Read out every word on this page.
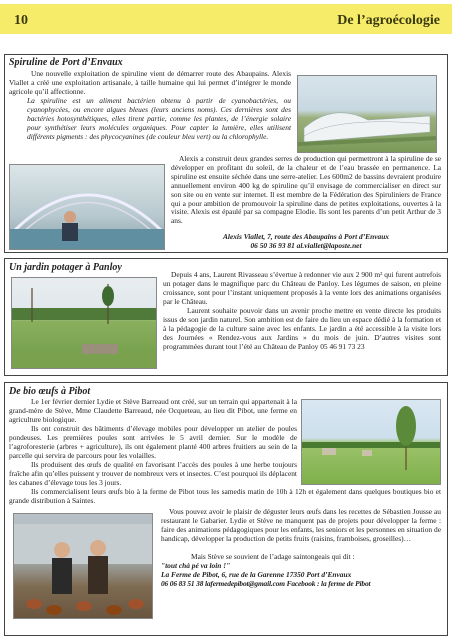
10	De l’agroécologie
Spiruline de Port d’Envaux
Une nouvelle exploitation de spiruline vient de démarrer route des Abaupains. Alexis Viallet a créé une exploitation artisanale, à taille humaine qui lui permet d’intégrer le monde agricole qu’il affectionne.
La spiruline est un aliment bactérien obtenu à partir de cyanobactéries, ou cyanophycées, ou encore algues bleues (leurs anciens noms). Ces dernières sont des bactéries hotosynthétiques, elles tirent partie, comme les plantes, de l’énergie solaire pour synthétiser leurs molécules organiques. Pour capter la lumière, elles utilisent différents pigments : des phycocyanines (de couleur bleu vert) ou la chlorophylle.
Alexis a construit deux grandes serres de production qui permettront à la spiruline de se développer en profitant du soleil, de la chaleur et de l’eau brassée en permanence. La spiruline est ensuite séchée dans une serre-atelier. Les 600m2 de bassins devraient produire annuellement environ 400 kg de spiruline qu’il envisage de commercialiser en direct sur son site ou en vente sur internet. Il est membre de la Fédération des Spiruliniers de France qui a pour ambition de promouvoir la spiruline dans de petites exploitations, ouvertes à la visite. Alexis est épaulé par sa compagne Elodie. Ils sont les parents d’un petit Arthur de 3 ans.
Alexis Viallet, 7, route des Abaupains à Port d’Envaux
06 50 36 93 81 al.viallet@laposte.net
Un jardin potager à Panloy
Depuis 4 ans, Laurent Rivasseau s’évertue à redonner vie aux 2 900 m² qui furent autrefois un potager dans le magnifique parc du Château de Panloy. Les légumes de saison, en pleine croissance, sont pour l’instant uniquement proposés à la vente lors des animations organisées par le Château.
Laurent souhaite pouvoir dans un avenir proche mettre en vente directe les produits issus de son jardin naturel. Son ambition est de faire du lieu un espace dédié à la formation et à la pédagogie de la culture saine avec les enfants. Le jardin a été accessible à la visite lors des Journées « Rendez-vous aux Jardins » du mois de juin. D’autres visites sont programmées durant tout l’été au Château de Panloy 05 46 91 73 23
De bio œufs à Pibot
Le 1er février dernier Lydie et Stève Barreaud ont créé, sur un terrain qui appartenait à la grand-mère de Stève, Mme Claudette Barreaud, née Ocqueteau, au lieu dit Pibot, une ferme en agriculture biologique.
Ils ont construit des bâtiments d’élevage mobiles pour développer un atelier de poules pondeuses. Les premières poules sont arrivées le 5 avril dernier. Sur le modèle de l’agroforesterie (arbres + agriculture), ils ont également planté 400 arbres fruitiers au sein de la parcelle qui servira de parcours pour les volailles.
Ils produisent des œufs de qualité en favorisant l’accès des poules à une herbe toujours fraîche afin qu’elles puissent y trouver de nombreux vers et insectes. C’est pourquoi ils déplacent les cabanes d’élevage tous les 3 jours.
Ils commercialisent leurs œufs bio à la ferme de Pibot tous les samedis matin de 10h à 12h et également dans quelques boutiques bio et grande distribution à Saintes.
Vous pouvez avoir le plaisir de déguster leurs œufs dans les recettes de Sébastien Jousse au restaurant le Gabarier. Lydie et Stève ne manquent pas de projets pour développer la ferme : faire des animations pédagogiques pour les enfants, les seniors et les personnes en situation de handicap, développer la production de petits fruits (raisins, framboises, groseilles)…
Mais Stève se souvient de l’adage saintongeais qui dit :
"tout chà pé va loin !"
La Ferme de Pibot, 6, rue de la Garenne 17350 Port d’Envaux
06 06 83 51 38 lafermedepibot@gmail.com Facebook : la ferme de Pibot
